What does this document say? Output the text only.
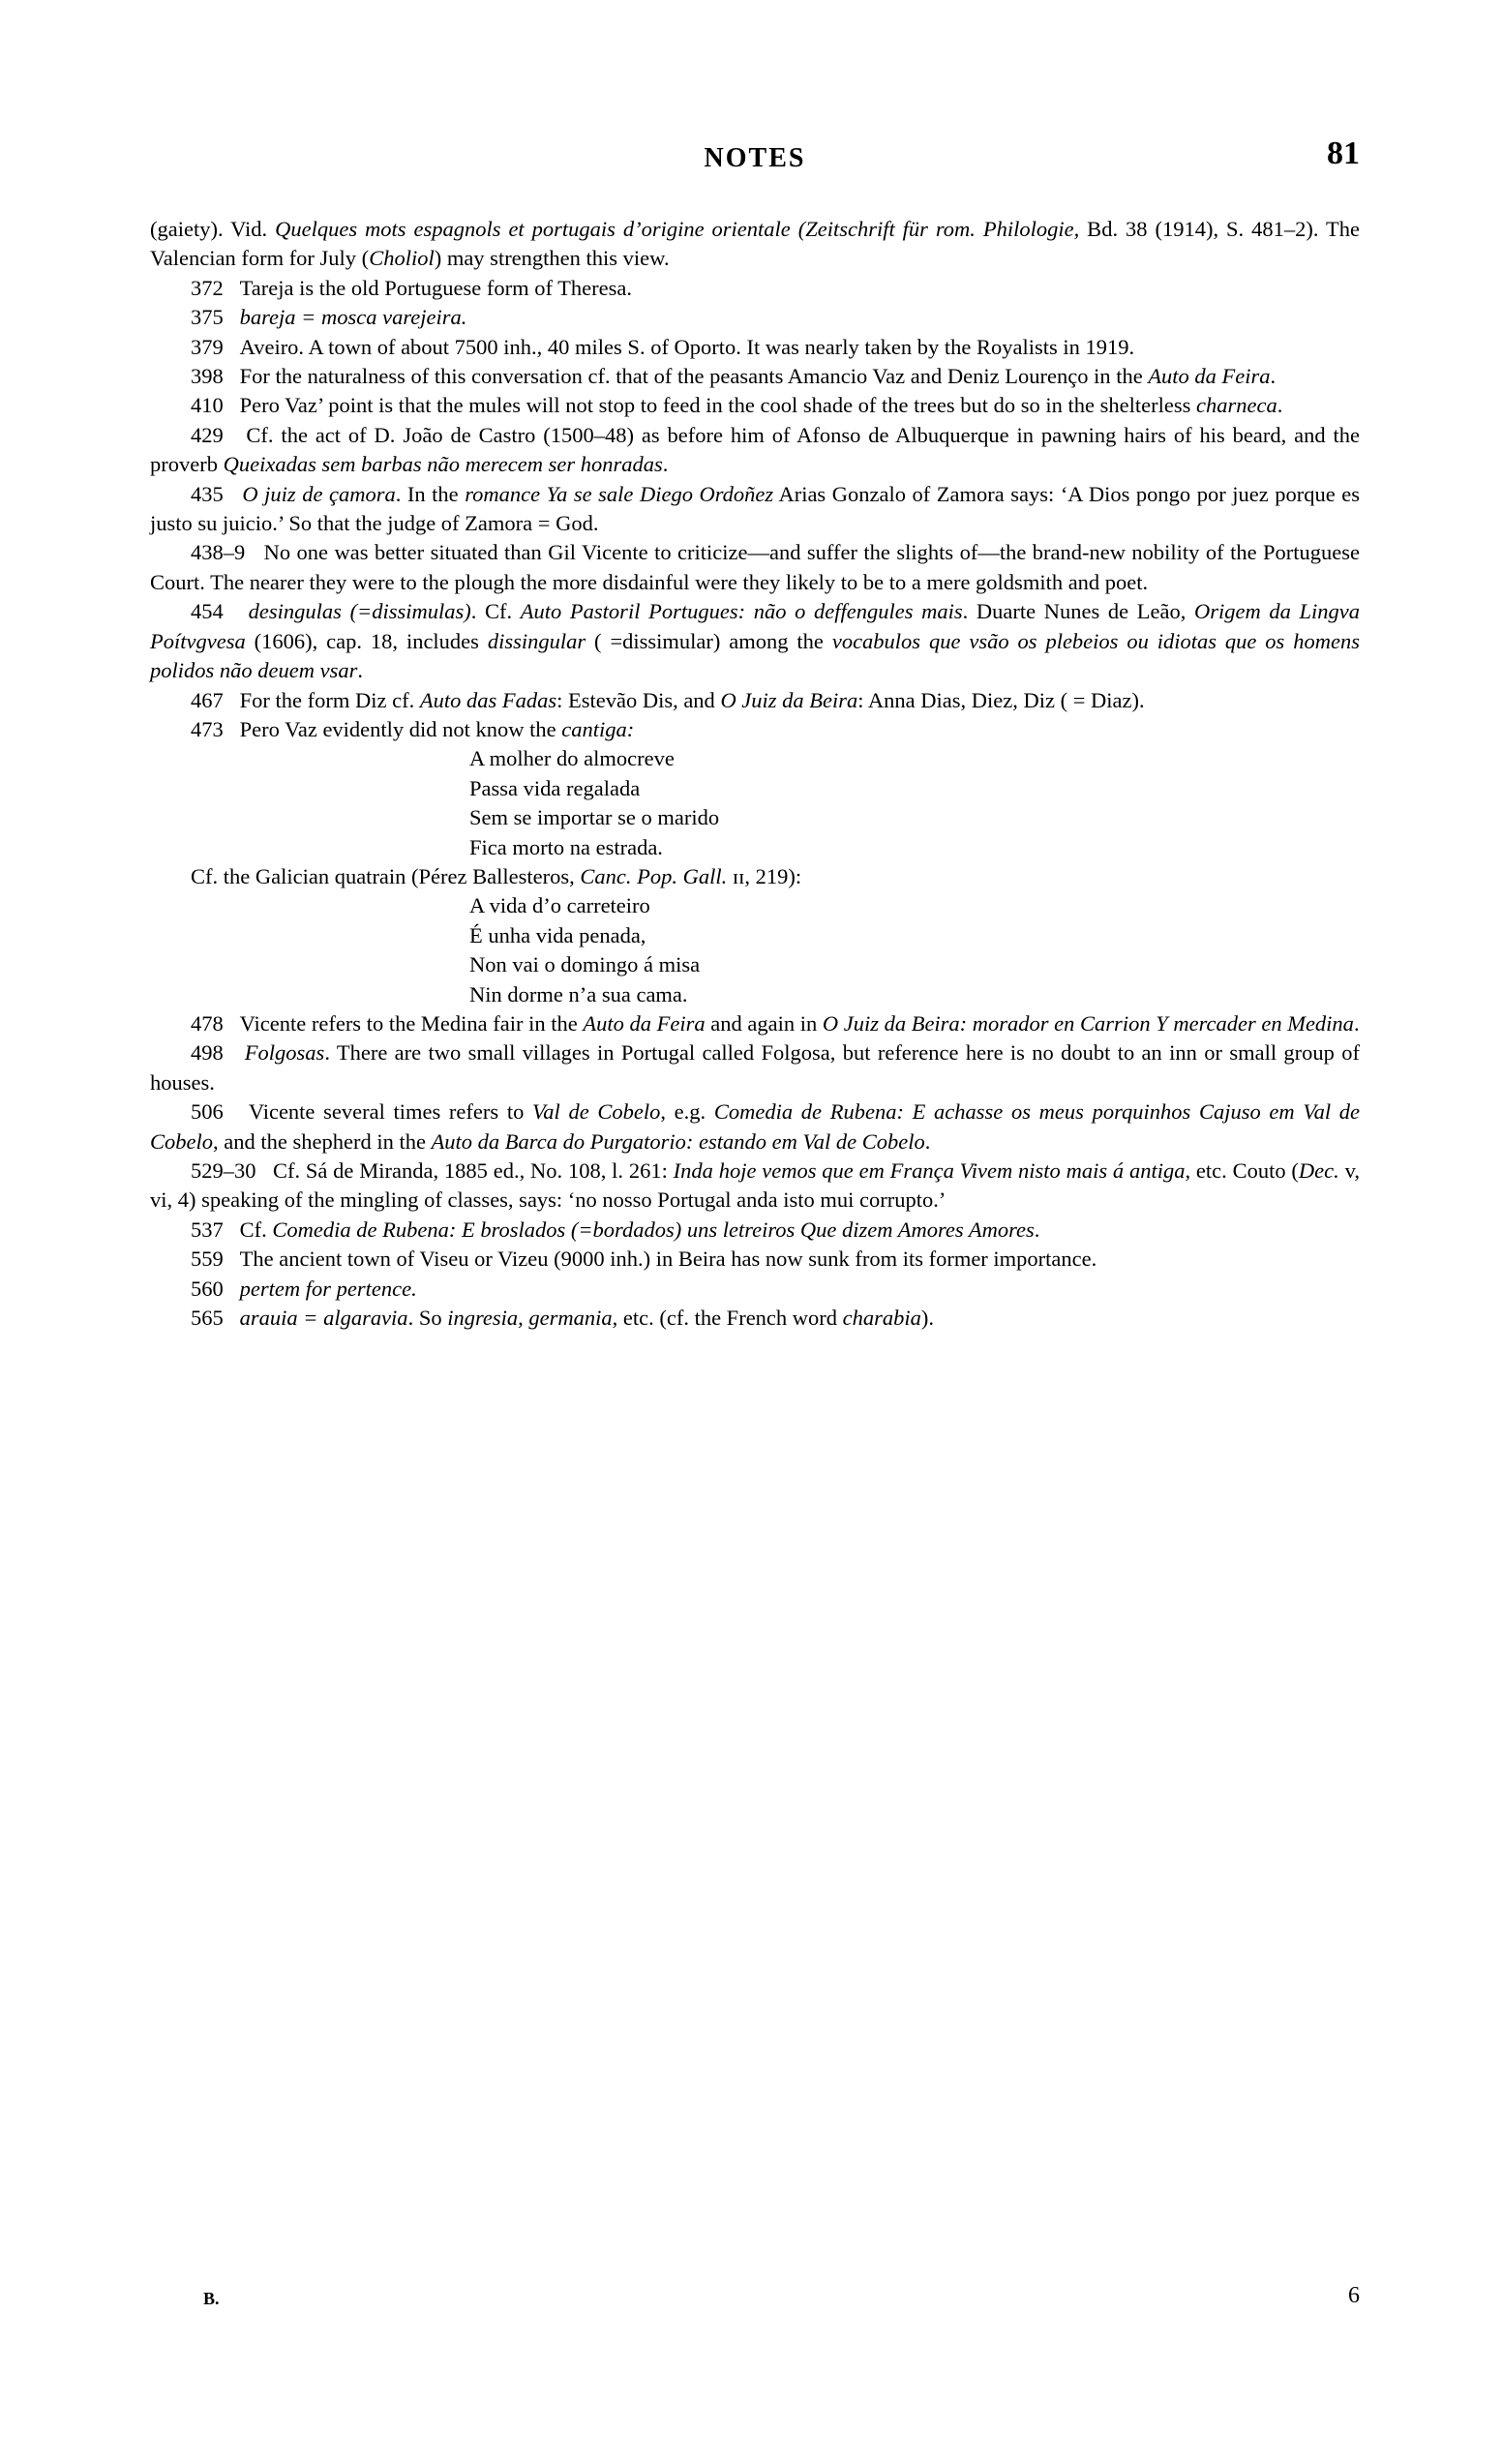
NOTES	81

(gaiety). Vid. Quelques mots espagnols et portugais d’origine orientale (Zeitschrift für rom. Philologie, Bd. 38 (1914), S. 481–2). The Valencian form for July (Choliol) may strengthen this view.

372 Tareja is the old Portuguese form of Theresa.

375 bareja = mosca varejeira.

379 Aveiro. A town of about 7500 inh., 40 miles S. of Oporto. It was nearly taken by the Royalists in 1919.

398 For the naturalness of this conversation cf. that of the peasants Amancio Vaz and Deniz Lourenço in the Auto da Feira.

410 Pero Vaz’ point is that the mules will not stop to feed in the cool shade of the trees but do so in the shelterless charneca.

429 Cf. the act of D. João de Castro (1500–48) as before him of Afonso de Albuquerque in pawning hairs of his beard, and the proverb Queixadas sem barbas não merecem ser honradas.

435 O juiz de çamora. In the romance Ya se sale Diego Ordoñez Arias Gonzalo of Zamora says: ‘A Dios pongo por juez porque es justo su juicio.’ So that the judge of Zamora = God.

438–9 No one was better situated than Gil Vicente to criticize—and suffer the slights of—the brand-new nobility of the Portuguese Court. The nearer they were to the plough the more disdainful were they likely to be to a mere goldsmith and poet.

454 desingulas (=dissimulas). Cf. Auto Pastoril Portugues: não o deffengules mais. Duarte Nunes de Leão, Origem da Lingva Poítvgvesa (1606), cap. 18, includes dissingular ( =dissimular) among the vocabulos que vsão os plebeios ou idiotas que os homens polidos não deuem vsar.

467 For the form Diz cf. Auto das Fadas: Estevão Dis, and O Juiz da Beira: Anna Dias, Diez, Diz ( = Diaz).

473 Pero Vaz evidently did not know the cantiga:

A molher do almocreve
Passa vida regalada
Sem se importar se o marido
Fica morto na estrada.

Cf. the Galician quatrain (Pérez Ballesteros, Canc. Pop. Gall. ɪɪ, 219):

A vida d’o carreteiro
É unha vida penada,
Non vai o domingo á misa
Nin dorme n’a sua cama.

478 Vicente refers to the Medina fair in the Auto da Feira and again in O Juiz da Beira: morador en Carrion Y mercader en Medina.

498 Folgosas. There are two small villages in Portugal called Folgosa, but reference here is no doubt to an inn or small group of houses.

506 Vicente several times refers to Val de Cobelo, e.g. Comedia de Rubena: E achasse os meus porquinhos Cajuso em Val de Cobelo, and the shepherd in the Auto da Barca do Purgatorio: estando em Val de Cobelo.

529–30 Cf. Sá de Miranda, 1885 ed., No. 108, l. 261: Inda hoje vemos que em França Vivem nisto mais á antiga, etc. Couto (Dec. v, vi, 4) speaking of the mingling of classes, says: ‘no nosso Portugal anda isto mui corrupto.’

537 Cf. Comedia de Rubena: E broslados (=bordados) uns letreiros Que dizem Amores Amores.

559 The ancient town of Viseu or Vizeu (9000 inh.) in Beira has now sunk from its former importance.

560 pertem for pertence.

565 arauia = algaravia. So ingresia, germania, etc. (cf. the French word charabia).

B.	6
